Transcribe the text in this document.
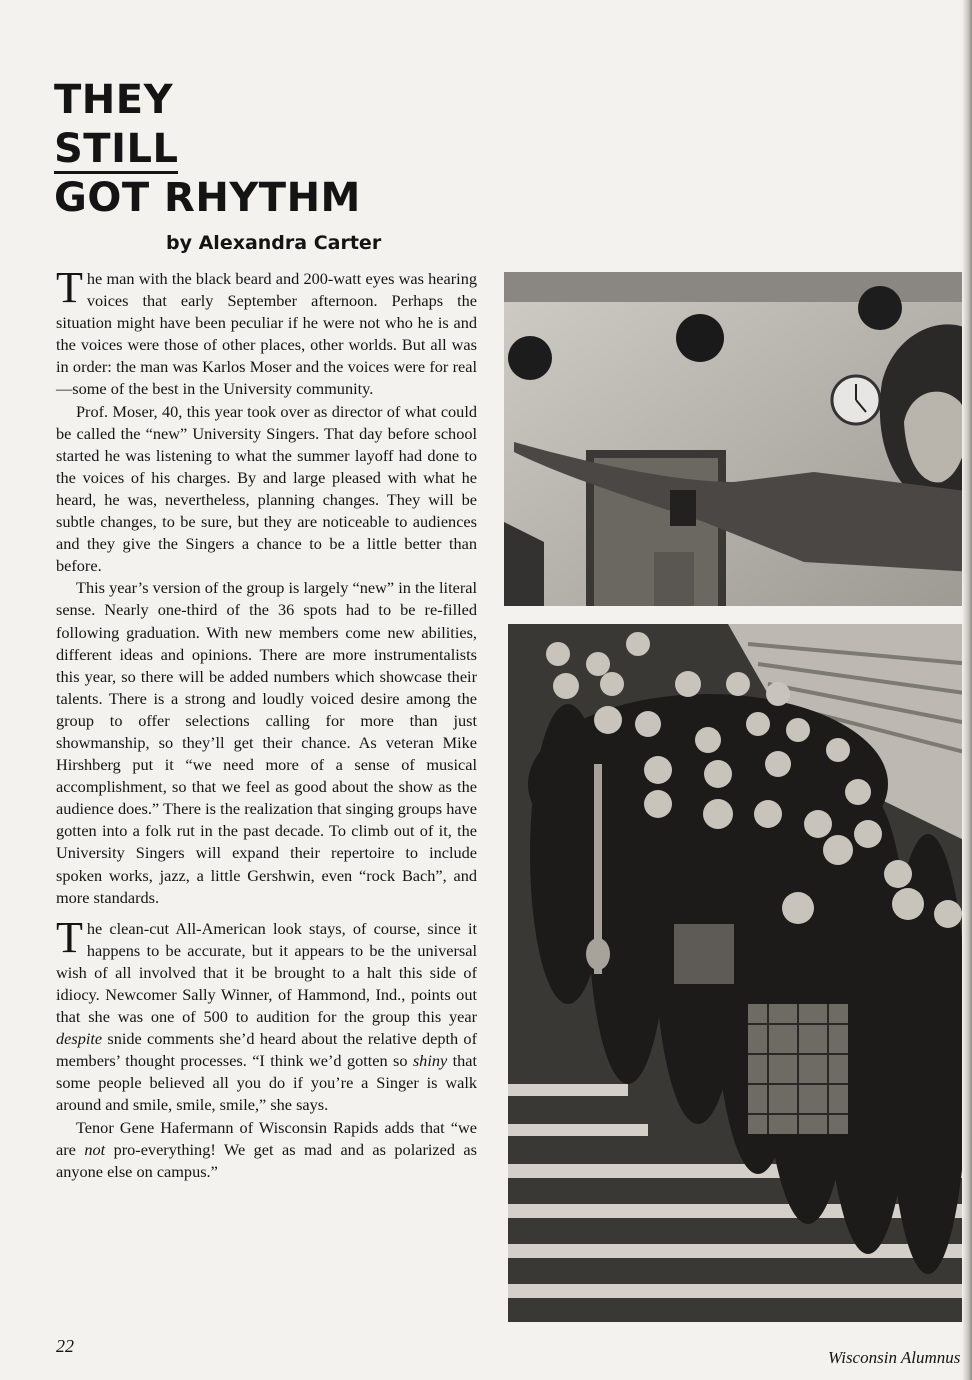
THEY
STILL
GOT RHYTHM

by Alexandra Carter

The man with the black beard and 200-watt eyes was hearing voices that early September afternoon. Perhaps the situation might have been peculiar if he were not who he is and the voices were those of other places, other worlds. But all was in order: the man was Karlos Moser and the voices were for real—some of the best in the University community.

Prof. Moser, 40, this year took over as director of what could be called the “new” University Singers. That day before school started he was listening to what the summer layoff had done to the voices of his charges. By and large pleased with what he heard, he was, nevertheless, planning changes. They will be subtle changes, to be sure, but they are noticeable to audiences and they give the Singers a chance to be a little better than before.

This year’s version of the group is largely “new” in the literal sense. Nearly one-third of the 36 spots had to be re-filled following graduation. With new members come new abilities, different ideas and opinions. There are more instrumentalists this year, so there will be added numbers which showcase their talents. There is a strong and loudly voiced desire among the group to offer selections calling for more than just showmanship, so they’ll get their chance. As veteran Mike Hirshberg put it “we need more of a sense of musical accomplishment, so that we feel as good about the show as the audience does.” There is the realization that singing groups have gotten into a folk rut in the past decade. To climb out of it, the University Singers will expand their repertoire to include spoken works, jazz, a little Gershwin, even “rock Bach”, and more standards.

The clean-cut All-American look stays, of course, since it happens to be accurate, but it appears to be the universal wish of all involved that it be brought to a halt this side of idiocy. Newcomer Sally Winner, of Hammond, Ind., points out that she was one of 500 to audition for the group this year despite snide comments she’d heard about the relative depth of members’ thought processes. “I think we’d gotten so shiny that some people believed all you do if you’re a Singer is walk around and smile, smile, smile,” she says.

Tenor Gene Hafermann of Wisconsin Rapids adds that “we are not pro-everything! We get as mad and as polarized as anyone else on campus.”

22

Wisconsin Alumnus
